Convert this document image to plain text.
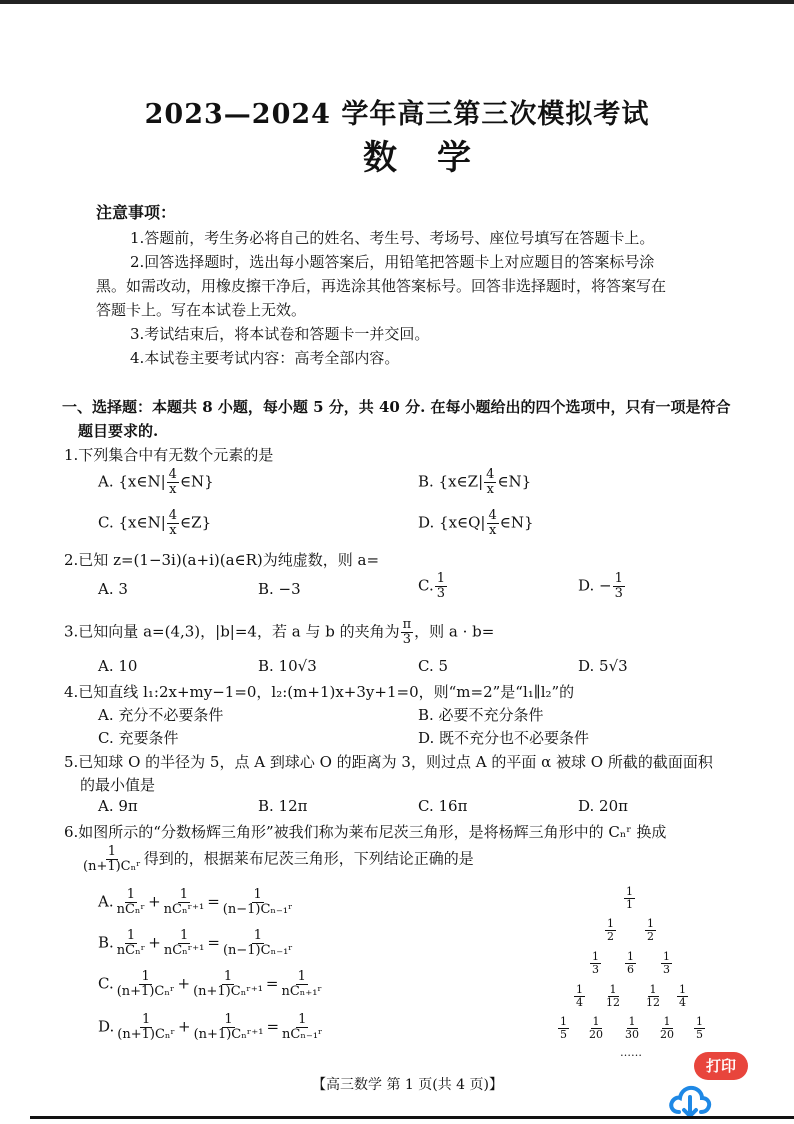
2023—2024 学年高三第三次模拟考试
数学
注意事项：
1.答题前，考生务必将自己的姓名、考生号、考场号、座位号填写在答题卡上。
2.回答选择题时，选出每小题答案后，用铅笔把答题卡上对应题目的答案标号涂
黑。如需改动，用橡皮擦干净后，再选涂其他答案标号。回答非选择题时，将答案写在
答题卡上。写在本试卷上无效。
3.考试结束后，将本试卷和答题卡一并交回。
4.本试卷主要考试内容：高考全部内容。
一、选择题：本题共 8 小题，每小题 5 分，共 40 分. 在每小题给出的四个选项中，只有一项是符合
题目要求的.
1.下列集合中有无数个元素的是
A. {x∈N| $\frac{4}{x}$ ∈N}	B. {x∈Z| $\frac{4}{x}$ ∈N}
C. {x∈N| $\frac{4}{x}$ ∈Z}	D. {x∈Q| $\frac{4}{x}$ ∈N}
2.已知 z=(1−3i)(a+i)(a∈R)为纯虚数，则 a=
A. 3	B. −3	C. $\frac{1}{3}$	D. − $\frac{1}{3}$
3.已知向量 a=(4,3)，|b|=4，若 a 与 b 的夹角为 $\frac{\pi}{3}$ ，则 a · b=
A. 10	B. 10√3	C. 5	D. 5√3
4.已知直线 l₁:2x+my−1=0，l₂:(m+1)x+3y+1=0，则“m=2”是“l₁∥l₂”的
A. 充分不必要条件	B. 必要不充分条件
C. 充要条件	D. 既不充分也不必要条件
5.已知球 O 的半径为 5，点 A 到球心 O 的距离为 3，则过点 A 的平面 α 被球 O 所截的截面面积
的最小值是
A. 9π	B. 12π	C. 16π	D. 20π
6.如图所示的“分数杨辉三角形”被我们称为莱布尼茨三角形，是将杨辉三角形中的 Cₙʳ 换成
$\frac{1}{\text{(n+1)Cₙʳ}}$ 得到的，根据莱布尼茨三角形，下列结论正确的是
A. $\frac{1}{\text{nCₙʳ}} + \frac{1}{\text{nCₙʳ⁺¹}} = \frac{1}{\text{(n−1)Cₙ₋₁ʳ}}$
B. $\frac{1}{\text{nCₙʳ}} + \frac{1}{\text{nCₙʳ⁺¹}} = \frac{1}{\text{(n−1)Cₙ₋₁ʳ}}$
C. $\frac{1}{\text{(n+1)Cₙʳ}} + \frac{1}{\text{(n+1)Cₙʳ⁺¹}} = \frac{1}{\text{nCₙ₊₁ʳ}}$
D. $\frac{1}{\text{(n+1)Cₙʳ}} + \frac{1}{\text{(n+1)Cₙʳ⁺¹}} = \frac{1}{\text{nCₙ₋₁ʳ}}$
$\frac{1}{1}$
$\frac{1}{2}$	$\frac{1}{2}$
$\frac{1}{3} \frac{1}{6} \frac{1}{3}$
$\frac{1}{4} \frac{1}{12} \frac{1}{12} \frac{1}{4}$
$\frac{1}{5} \frac{1}{20} \frac{1}{30} \frac{1}{20} \frac{1}{5}$
……
【高三数学 第 1 页(共 4 页)】
打印
